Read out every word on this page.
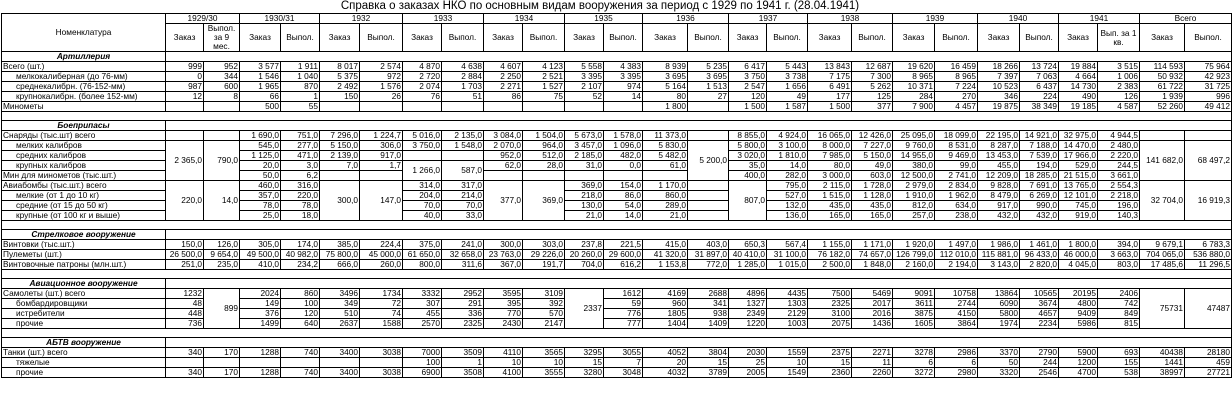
Справка о заказах НКО по основным видам вооружения за период с 1929 по 1941 г. (28.04.1941)
Номенклатура	1929/30		1930/31		1932		1933		1934		1935		1936		1937		1938		1939		1940		1941		Всего	
	Заказ	Выпол. за 9 мес.	Заказ	Выпол.	Заказ	Выпол.	Заказ	Выпол.	Заказ	Выпол.	Заказ	Выпол.	Заказ	Выпол.	Заказ	Выпол.	Заказ	Выпол.	Заказ	Выпол.	Заказ	Выпол.	Заказ	Вып. за 1 кв.	Заказ	Выпол.
Артиллерия																										
Всего (шт.)	999	952	3 577	1 911	8 017	2 574	4 870	4 638	4 607	4 123	5 558	4 383	8 939	5 235	6 417	5 443	13 843	12 687	19 620	16 459	18 266	13 724	19 884	3 515	114 593	75 964
мелкокалиберная (до 76-мм)	0	344	1 546	1 040	5 375	972	2 720	2 884	2 250	2 521	3 395	3 395	3 695	3 695	3 750	3 738	7 175	7 300	8 965	8 965	7 397	7 063	4 664	1 006	50 932	42 923
среднекалибрн. (76-152-мм)	987	600	1 965	870	2 492	1 576	2 074	1 703	2 271	1 527	2 107	974	5 164	1 513	2 547	1 656	6 491	5 262	10 371	7 224	10 523	6 437	14 730	2 383	61 722	31 725
крупнокалибрн. (более 152-мм)	12	8	66	1	150	26	76	51	86	75	52	14	80	27	120	49	177	125	284	270	346	224	490	126	1 939	996
Минометы			500	55									1 800		1 500	1 587	1 500	377	7 900	4 457	19 875	38 349	19 185	4 587	52 260	49 412

Боеприпасы																										
Снаряды (тыс.шт) всего			1 690,0	751,0	7 296,0	1 224,7	5 016,0	2 135,0	3 084,0	1 504,0	5 673,0	1 578,0	11 373,0		8 855,0	4 924,0	16 065,0	12 426,0	25 095,0	18 099,0	22 195,0	14 921,0	32 975,0	4 944,5		
мелких калибров	2 365,0	790,0	545,0	277,0	5 150,0	306,0	3 750,0	1 548,0	2 070,0	964,0	3 457,0	1 096,0	5 830,0	5 200,0	5 800,0	3 100,0	8 000,0	7 227,0	9 760,0	8 531,0	8 287,0	7 188,0	14 470,0	2 480,0	141 682,0	68 497,2
средних калибров			1 125,0	471,0	2 139,0	917,0			952,0	512,0	2 185,0	482,0	5 482,0		3 020,0	1 810,0	7 985,0	5 150,0	14 955,0	9 469,0	13 453,0	7 539,0	17 966,0	2 220,0		
крупных калибров			20,0	3,0	7,0	1,7	1 266,0	587,0	62,0	28,0	31,0	0,0	61,0		35,0	14,0	80,0	49,0	380,0	99,0	455,0	194,0	529,0	244,5		
Мин для минометов (тыс.шт.)			50,0	6,2											400,0	282,0	3 000,0	603,0	12 500,0	2 741,0	12 209,0	18 285,0	21 515,0	3 661,0		
Авиабомбы (тыс.шт.) всего	220,0	14,0	460,0	316,0	300,0	147,0	314,0	317,0	377,0	369,0	369,0	154,0	1 170,0		807,0	795,0	2 115,0	1 728,0	2 979,0	2 834,0	9 828,0	7 691,0	13 765,0	2 554,3	32 704,0	16 919,3
мелкие (от 1 до 10 кг)			357,0	220,0			204,0	214,0			218,0	86,0	860,0			527,0	1 515,0	1 128,0	1 910,0	1 962,0	8 479,0	6 269,0	12 101,0	2 218,0		
средние (от 15 до 50 кг)			78,0	78,0			70,0	70,0			130,0	54,0	289,0			132,0	435,0	435,0	812,0	634,0	917,0	990,0	745,0	196,0		
крупные (от 100 кг и выше)			25,0	18,0			40,0	33,0			21,0	14,0	21,0			136,0	165,0	165,0	257,0	238,0	432,0	432,0	919,0	140,3		

Стрелковое вооружение																										
Винтовки (тыс.шт.)	150,0	126,0	305,0	174,0	385,0	224,4	375,0	241,0	300,0	303,0	237,8	221,5	415,0	403,0	650,3	567,4	1 155,0	1 171,0	1 920,0	1 497,0	1 986,0	1 461,0	1 800,0	394,0	9 679,1	6 783,3
Пулеметы (шт.)	26 500,0	9 654,0	49 500,0	40 982,0	75 800,0	45 000,0	61 650,0	32 658,0	23 763,0	29 226,0	20 260,0	29 600,0	41 320,0	31 897,0	40 410,0	31 100,0	76 182,0	74 657,0	126 799,0	112 010,0	115 881,0	96 433,0	46 000,0	3 663,0	704 065,0	536 880,0
Винтовочные патроны (млн.шт.)	251,0	235,0	410,0	234,2	666,0	260,0	800,0	311,6	367,0	191,7	704,0	616,2	1 153,8	772,0	1 285,0	1 015,0	2 500,0	1 848,0	2 160,0	2 194,0	3 143,0	2 820,0	4 045,0	803,0	17 485,6	11 296,5

Авиационное вооружение																										
Самолеты (шт.) всего	1232	899	2024	860	3496	1734	3332	2952	3595	3109	2337	1612	4169	2688	4896	4435	7500	5469	9091	10758	13864	10565	20195	2406	75731	47487
бомбардировщики	48		149	100	349	72	307	291	395	392		59	960	341	1327	1303	2325	2017	3611	2744	6090	3674	4800	742		
истребители	448		376	120	510	74	455	336	770	570		776	1805	938	2349	2129	3100	2016	3875	4150	5800	4657	9409	849		
прочие	736		1499	640	2637	1588	2570	2325	2430	2147		777	1404	1409	1220	1003	2075	1436	1605	3864	1974	2234	5986	815		

АБТВ вооружение																										
Танки (шт.) всего	340	170	1288	740	3400	3038	7000	3509	4110	3565	3295	3055	4052	3804	2030	1559	2375	2271	3278	2986	3370	2790	5900	693	40438	28180
тяжелые							100	1	10	10	15	7	20	15	25	10	15	11	6	6	50	244	1200	155	1441	459
прочие	340	170	1288	740	3400	3038	6900	3508	4100	3555	3280	3048	4032	3789	2005	1549	2360	2260	3272	2980	3320	2546	4700	538	38997	27721
